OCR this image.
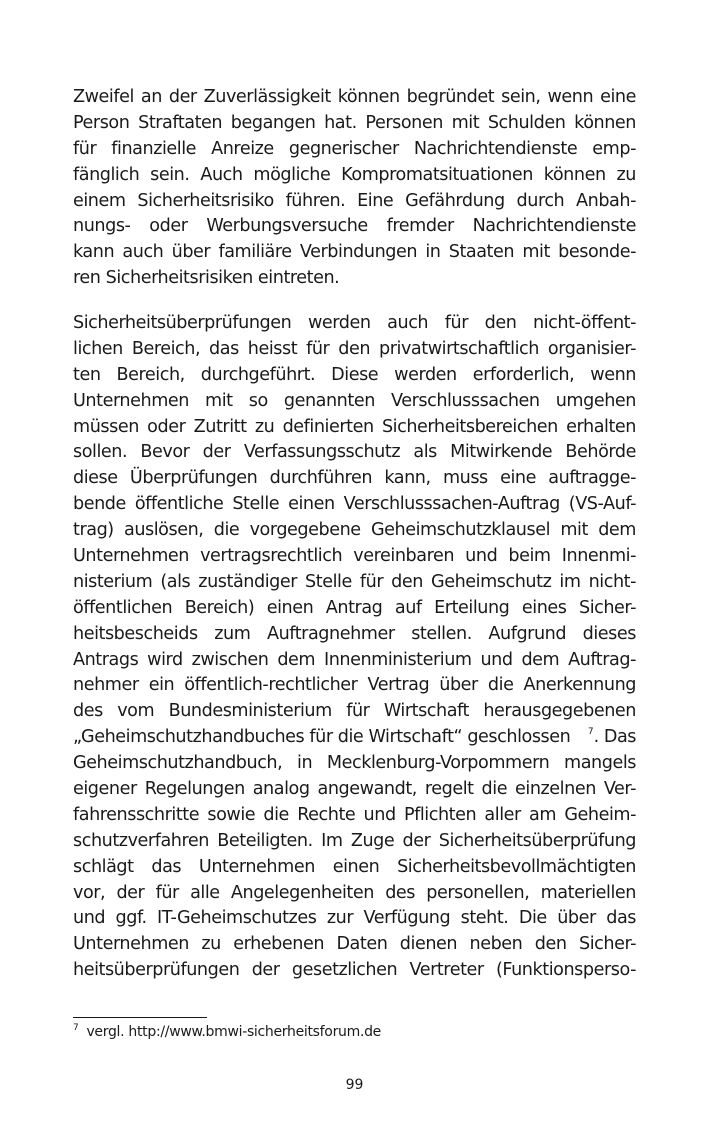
Zweifel an der Zuverlässigkeit können begründet sein, wenn eine
Person Straftaten begangen hat. Personen mit Schulden können
für finanzielle Anreize gegnerischer Nachrichtendienste emp-
fänglich sein. Auch mögliche Kompromatsituationen können zu
einem Sicherheitsrisiko führen. Eine Gefährdung durch Anbah-
nungs- oder Werbungsversuche fremder Nachrichtendienste
kann auch über familiäre Verbindungen in Staaten mit besonde-
ren Sicherheitsrisiken eintreten.
Sicherheitsüberprüfungen werden auch für den nicht-öffent-
lichen Bereich, das heisst für den privatwirtschaftlich organisier-
ten Bereich, durchgeführt. Diese werden erforderlich, wenn
Unternehmen mit so genannten Verschlusssachen umgehen
müssen oder Zutritt zu definierten Sicherheitsbereichen erhalten
sollen. Bevor der Verfassungsschutz als Mitwirkende Behörde
diese Überprüfungen durchführen kann, muss eine auftragge-
bende öffentliche Stelle einen Verschlusssachen-Auftrag (VS-Auf-
trag) auslösen, die vorgegebene Geheimschutzklausel mit dem
Unternehmen vertragsrechtlich vereinbaren und beim Innenmi-
nisterium (als zuständiger Stelle für den Geheimschutz im nicht-
öffentlichen Bereich) einen Antrag auf Erteilung eines Sicher-
heitsbescheids zum Auftragnehmer stellen. Aufgrund dieses
Antrags wird zwischen dem Innenministerium und dem Auftrag-
nehmer ein öffentlich-rechtlicher Vertrag über die Anerkennung
des vom Bundesministerium für Wirtschaft herausgegebenen
„Geheimschutzhandbuches für die Wirtschaft“ geschlossen $^7$. Das
Geheimschutzhandbuch, in Mecklenburg-Vorpommern mangels
eigener Regelungen analog angewandt, regelt die einzelnen Ver-
fahrensschritte sowie die Rechte und Pflichten aller am Geheim-
schutzverfahren Beteiligten. Im Zuge der Sicherheitsüberprüfung
schlägt das Unternehmen einen Sicherheitsbevollmächtigten
vor, der für alle Angelegenheiten des personellen, materiellen
und ggf. IT-Geheimschutzes zur Verfügung steht. Die über das
Unternehmen zu erhebenen Daten dienen neben den Sicher-
heitsüberprüfungen der gesetzlichen Vertreter (Funktionsperso-
$^7$ vergl. http://www.bmwi-sicherheitsforum.de
99
